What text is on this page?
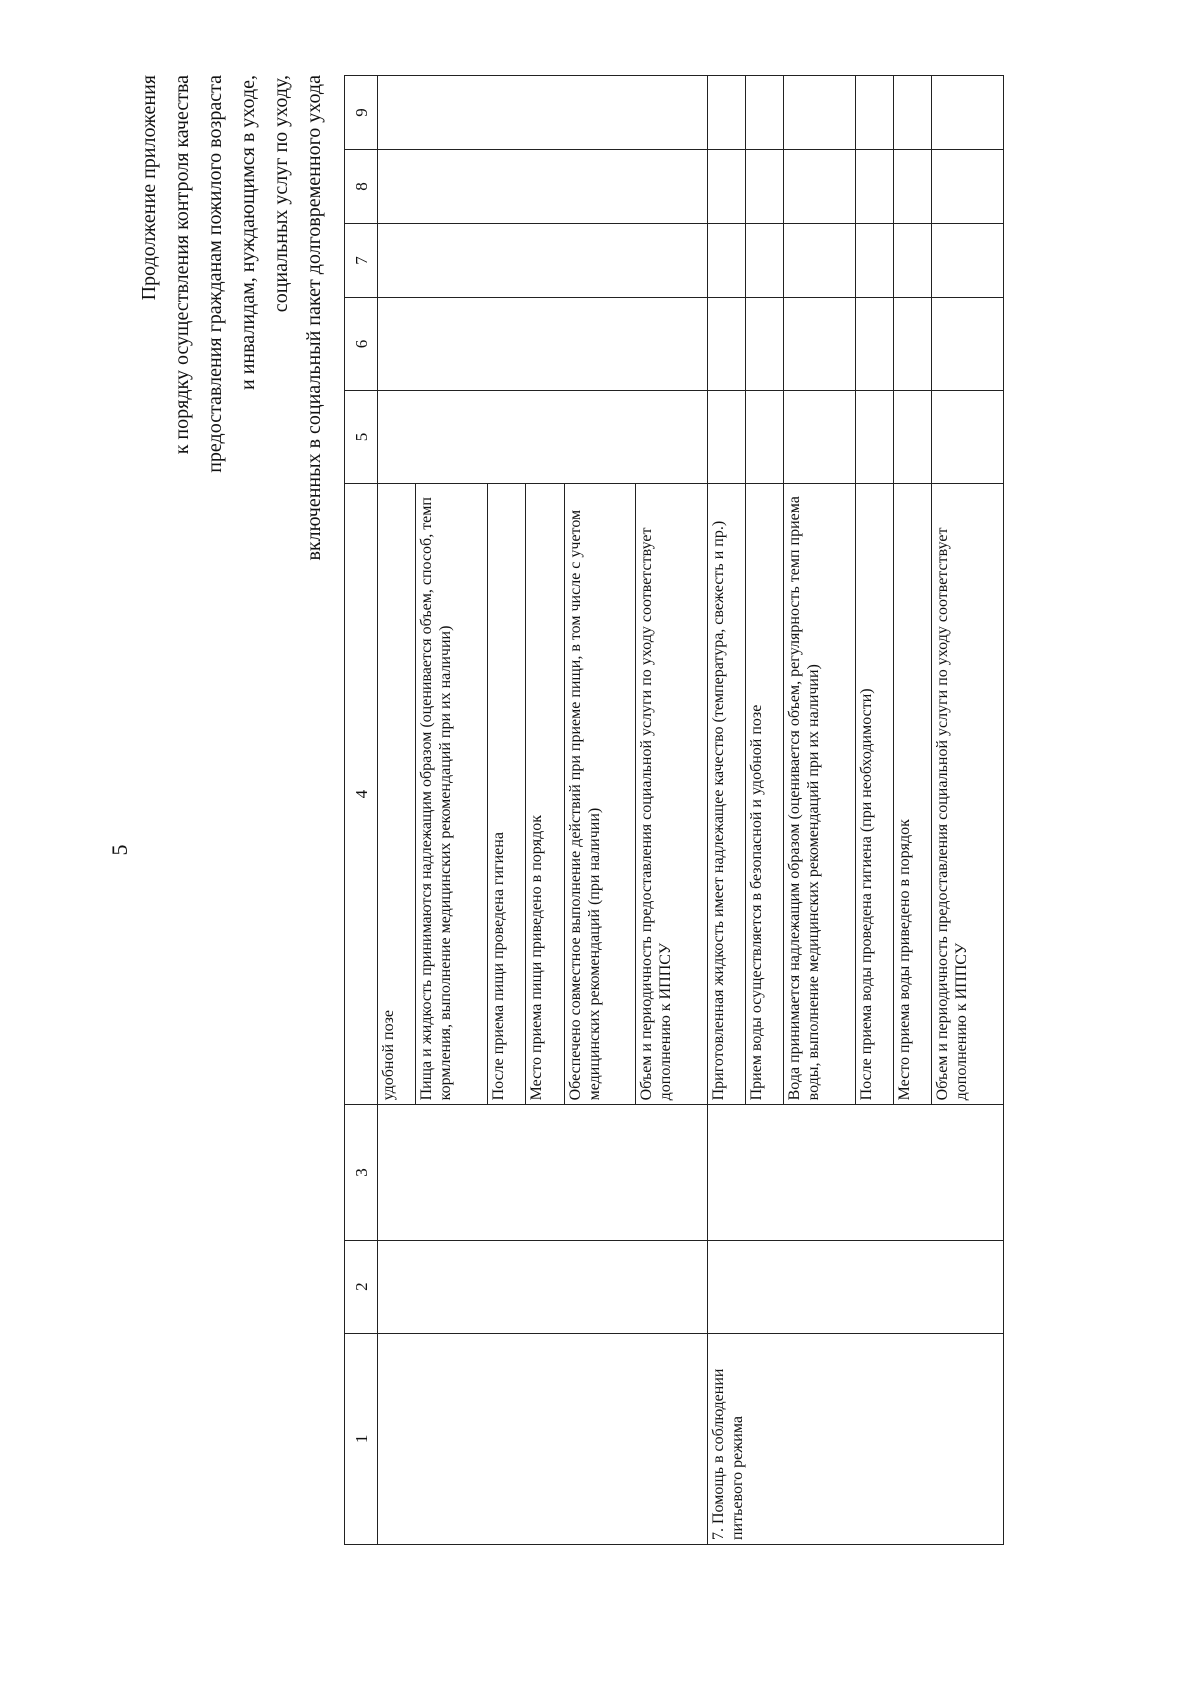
5
Продолжение приложения к порядку осуществления контроля качества предоставления гражданам пожилого возраста и инвалидам, нуждающимся в уходе, социальных услуг по уходу, включенных в социальный пакет долговременного ухода
1	2	3	4	5	6	7	8	9
			удобной позе					
			Пища и жидкость принимаются надлежащим образом (оценивается объем, способ, темп кормления, выполнение медицинских рекомендаций при их наличии)					
			После приема пищи проведена гигиена					
			Место приема пищи приведено в порядок					
			Обеспечено совместное выполнение действий при приеме пищи, в том числе с учетом медицинских рекомендаций (при наличии)					
			Объем и периодичность предоставления социальной услуги по уходу соответствует дополнению к ИППСУ					
7. Помощь в соблюдении питьевого режима			Приготовленная жидкость имеет надлежащее качество (температура, свежесть и пр.)					
			Прием воды осуществляется в безопасной и удобной позе					
			Вода принимается надлежащим образом (оценивается объем, регулярность темп приема воды, выполнение медицинских рекомендаций при их наличии)					
			После приема воды проведена гигиена (при необходимости)					
			Место приема воды приведено в порядок					
			Объем и периодичность предоставления социальной услуги по уходу соответствует дополнению к ИППСУ					
